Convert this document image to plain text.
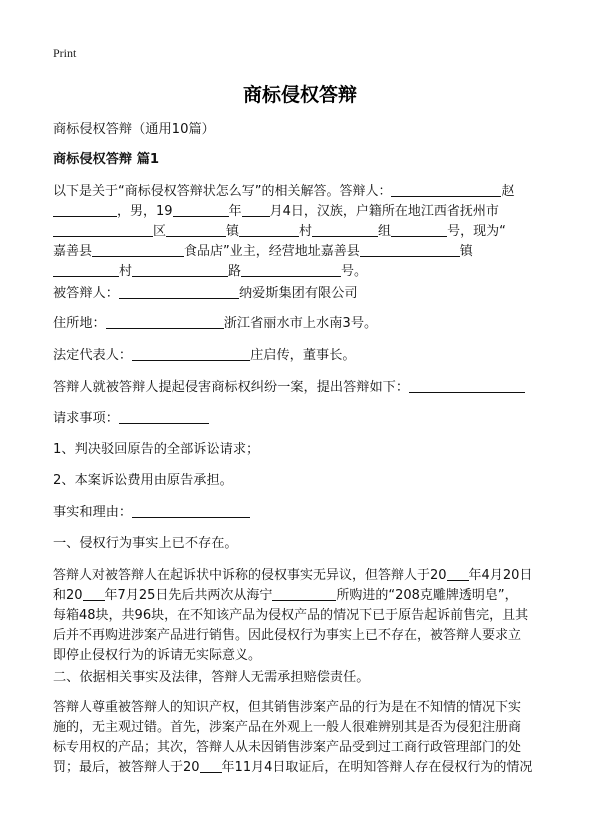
Print
商标侵权答辩
商标侵权答辩（通用10篇）
商标侵权答辩 篇1
以下是关于“商标侵权答辩状怎么写”的相关解答。答辩人：	赵
，男，19	年 月4日，汉族，户籍所在地江西省抚州市
区	镇	村	组	号，现为“
嘉善县	食品店”业主，经营地址嘉善县	镇
村	路	号。
被答辩人：	纳爱斯集团有限公司
住所地：	浙江省丽水市上水南3号。
法定代表人：	庄启传，董事长。
答辩人就被答辩人提起侵害商标权纠纷一案，提出答辩如下：
请求事项：
1、判决驳回原告的全部诉讼请求；
2、本案诉讼费用由原告承担。
事实和理由：
一、侵权行为事实上已不存在。
答辩人对被答辩人在起诉状中诉称的侵权事实无异议，但答辩人于20 年4月20日
和20 年7月25日先后共两次从海宁	所购进的“208克雕牌透明皂”，
每箱48块，共96块，在不知该产品为侵权产品的情况下已于原告起诉前售完，且其
后并不再购进涉案产品进行销售。因此侵权行为事实上已不存在，被答辩人要求立
即停止侵权行为的诉请无实际意义。
二、依据相关事实及法律，答辩人无需承担赔偿责任。
答辩人尊重被答辩人的知识产权，但其销售涉案产品的行为是在不知情的情况下实
施的，无主观过错。首先，涉案产品在外观上一般人很难辨别其是否为侵犯注册商
标专用权的产品；其次，答辩人从未因销售涉案产品受到过工商行政管理部门的处
罚；最后，被答辩人于20 年11月4日取证后，在明知答辩人存在侵权行为的情况
